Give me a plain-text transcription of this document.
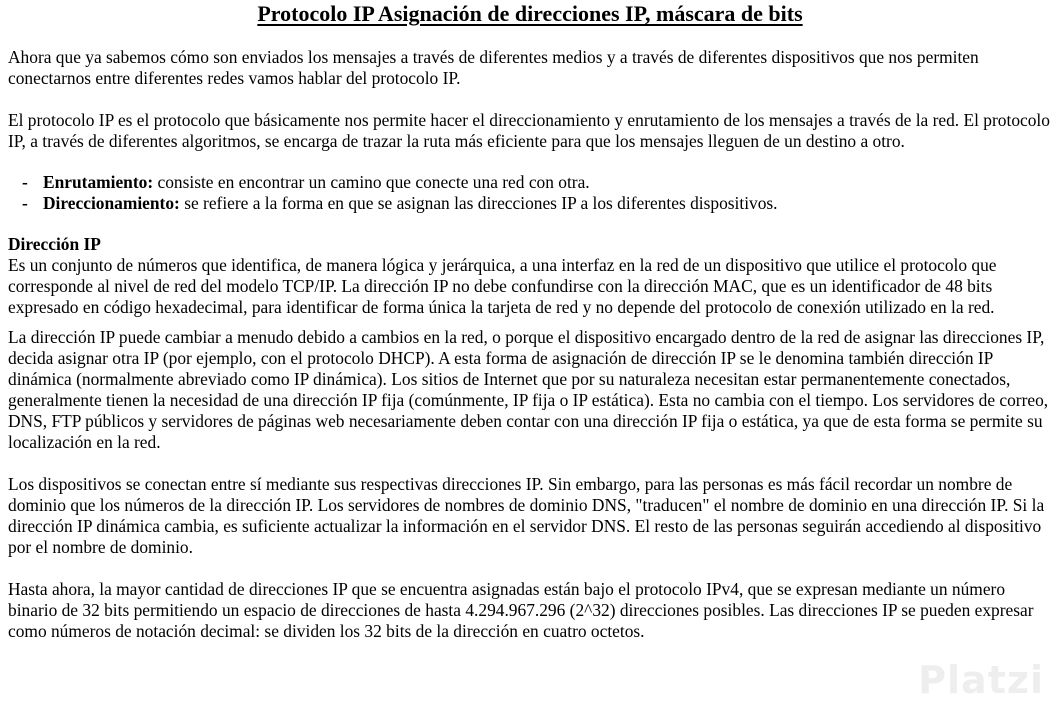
Protocolo IP Asignación de direcciones IP, máscara de bits

Ahora que ya sabemos cómo son enviados los mensajes a través de diferentes medios y a través de diferentes dispositivos que nos permiten conectarnos entre diferentes redes vamos hablar del protocolo IP.

El protocolo IP es el protocolo que básicamente nos permite hacer el direccionamiento y enrutamiento de los mensajes a través de la red. El protocolo IP, a través de diferentes algoritmos, se encarga de trazar la ruta más eficiente para que los mensajes lleguen de un destino a otro.

- Enrutamiento: consiste en encontrar un camino que conecte una red con otra.
- Direccionamiento: se refiere a la forma en que se asignan las direcciones IP a los diferentes dispositivos.

Dirección IP

Es un conjunto de números que identifica, de manera lógica y jerárquica, a una interfaz en la red de un dispositivo que utilice el protocolo que corresponde al nivel de red del modelo TCP/IP. La dirección IP no debe confundirse con la dirección MAC, que es un identificador de 48 bits expresado en código hexadecimal, para identificar de forma única la tarjeta de red y no depende del protocolo de conexión utilizado en la red.

La dirección IP puede cambiar a menudo debido a cambios en la red, o porque el dispositivo encargado dentro de la red de asignar las direcciones IP, decida asignar otra IP (por ejemplo, con el protocolo DHCP). A esta forma de asignación de dirección IP se le denomina también dirección IP dinámica (normalmente abreviado como IP dinámica). Los sitios de Internet que por su naturaleza necesitan estar permanentemente conectados, generalmente tienen la necesidad de una dirección IP fija (comúnmente, IP fija o IP estática). Esta no cambia con el tiempo. Los servidores de correo, DNS, FTP públicos y servidores de páginas web necesariamente deben contar con una dirección IP fija o estática, ya que de esta forma se permite su localización en la red.

Los dispositivos se conectan entre sí mediante sus respectivas direcciones IP. Sin embargo, para las personas es más fácil recordar un nombre de dominio que los números de la dirección IP. Los servidores de nombres de dominio DNS, "traducen" el nombre de dominio en una dirección IP. Si la dirección IP dinámica cambia, es suficiente actualizar la información en el servidor DNS. El resto de las personas seguirán accediendo al dispositivo por el nombre de dominio.

Hasta ahora, la mayor cantidad de direcciones IP que se encuentra asignadas están bajo el protocolo IPv4, que se expresan mediante un número binario de 32 bits permitiendo un espacio de direcciones de hasta 4.294.967.296 (2^32) direcciones posibles. Las direcciones IP se pueden expresar como números de notación decimal: se dividen los 32 bits de la dirección en cuatro octetos.

Platzi
